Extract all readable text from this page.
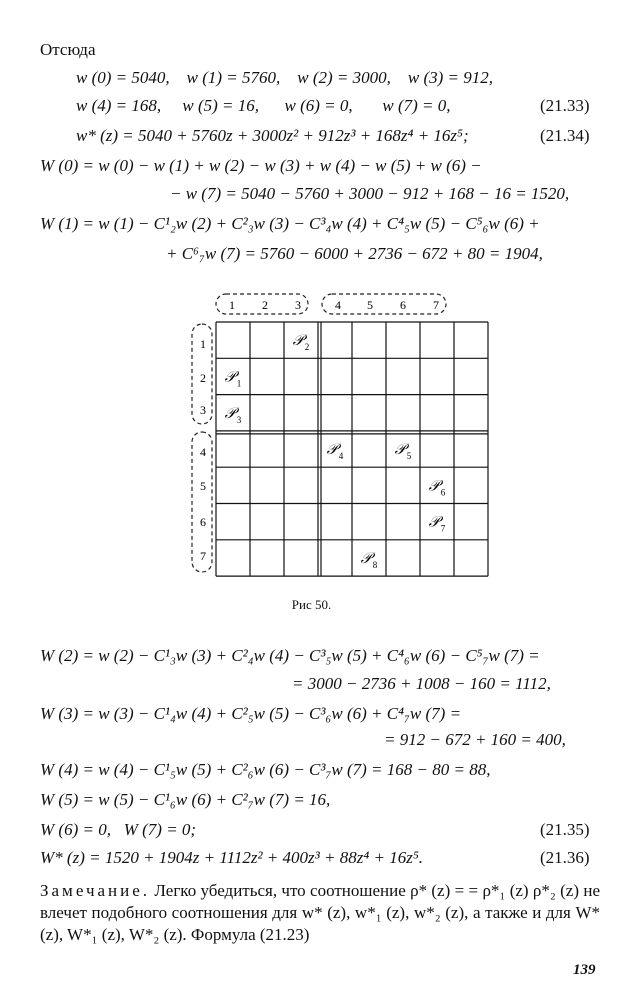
Отсюда
w (0) = 5040,    w (1) = 5760,    w (2) = 3000,    w (3) = 912,
w (4) = 168,     w (5) = 16,      w (6) = 0,       w (7) = 0,	(21.33)
w* (z) = 5040 + 5760z + 3000z² + 912z³ + 168z⁴ + 16z⁵;	(21.34)
W (0) = w (0) − w (1) + w (2) − w (3) + w (4) − w (5) + w (6) −
− w (7) = 5040 − 5760 + 3000 − 912 + 168 − 16 = 1520,
W (1) = w (1) − C¹₂w (2) + C²₃w (3) − C³₄w (4) + C⁴₅w (5) − C⁵₆w (6) +
+ C⁶₇w (7) = 5760 − 6000 + 2736 − 672 + 80 = 1904,
1 2 3	4 5 6 7
1
2
3
4
5
6
7
𝒫 1
𝒫 2
𝒫 3
𝒫 4	𝒫 5
𝒫 6
𝒫 7
𝒫 8
Рис 50.
W (2) = w (2) − C¹₃w (3) + C²₄w (4) − C³₅w (5) + C⁴₆w (6) − C⁵₇w (7) =
= 3000 − 2736 + 1008 − 160 = 1112,
W (3) = w (3) − C¹₄w (4) + C²₅w (5) − C³₆w (6) + C⁴₇w (7) =
= 912 − 672 + 160 = 400,
W (4) = w (4) − C¹₅w (5) + C²₆w (6) − C³₇w (7) = 168 − 80 = 88,
W (5) = w (5) − C¹₆w (6) + C²₇w (7) = 16,
W (6) = 0,   W (7) = 0;	(21.35)
W* (z) = 1520 + 1904z + 1112z² + 400z³ + 88z⁴ + 16z⁵.	(21.36)
Замечание. Легко убедиться, что соотношение ρ* (z) = = ρ*₁ (z) ρ*₂ (z) не влечет подобного соотношения для w* (z), w*₁ (z), w*₂ (z), а также и для W* (z), W*₁ (z), W*₂ (z). Формула (21.23)
139
